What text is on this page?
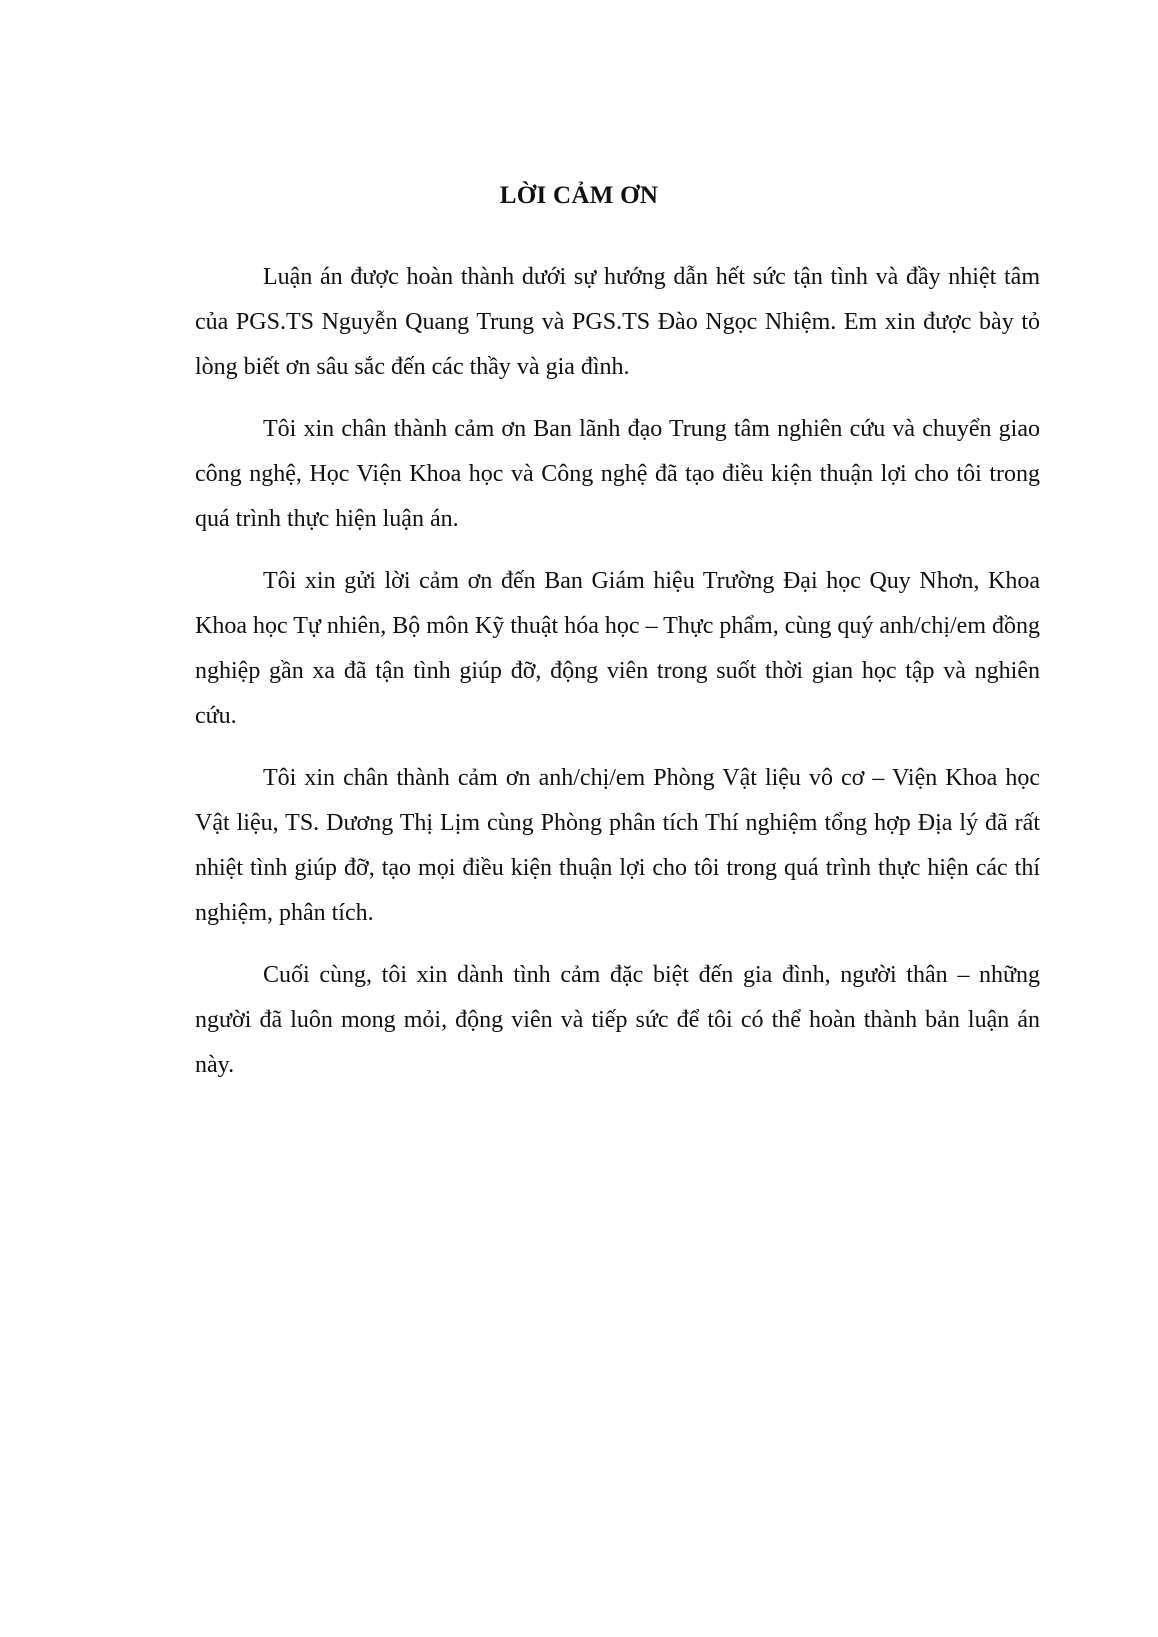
LỜI CẢM ƠN

Luận án được hoàn thành dưới sự hướng dẫn hết sức tận tình và đầy nhiệt tâm của PGS.TS Nguyễn Quang Trung và PGS.TS Đào Ngọc Nhiệm. Em xin được bày tỏ lòng biết ơn sâu sắc đến các thầy và gia đình.

Tôi xin chân thành cảm ơn Ban lãnh đạo Trung tâm nghiên cứu và chuyển giao công nghệ, Học Viện Khoa học và Công nghệ đã tạo điều kiện thuận lợi cho tôi trong quá trình thực hiện luận án.

Tôi xin gửi lời cảm ơn đến Ban Giám hiệu Trường Đại học Quy Nhơn, Khoa Khoa học Tự nhiên, Bộ môn Kỹ thuật hóa học – Thực phẩm, cùng quý anh/chị/em đồng nghiệp gần xa đã tận tình giúp đỡ, động viên trong suốt thời gian học tập và nghiên cứu.

Tôi xin chân thành cảm ơn anh/chị/em Phòng Vật liệu vô cơ – Viện Khoa học Vật liệu, TS. Dương Thị Lịm cùng Phòng phân tích Thí nghiệm tổng hợp Địa lý đã rất nhiệt tình giúp đỡ, tạo mọi điều kiện thuận lợi cho tôi trong quá trình thực hiện các thí nghiệm, phân tích.

Cuối cùng, tôi xin dành tình cảm đặc biệt đến gia đình, người thân – những người đã luôn mong mỏi, động viên và tiếp sức để tôi có thể hoàn thành bản luận án này.
